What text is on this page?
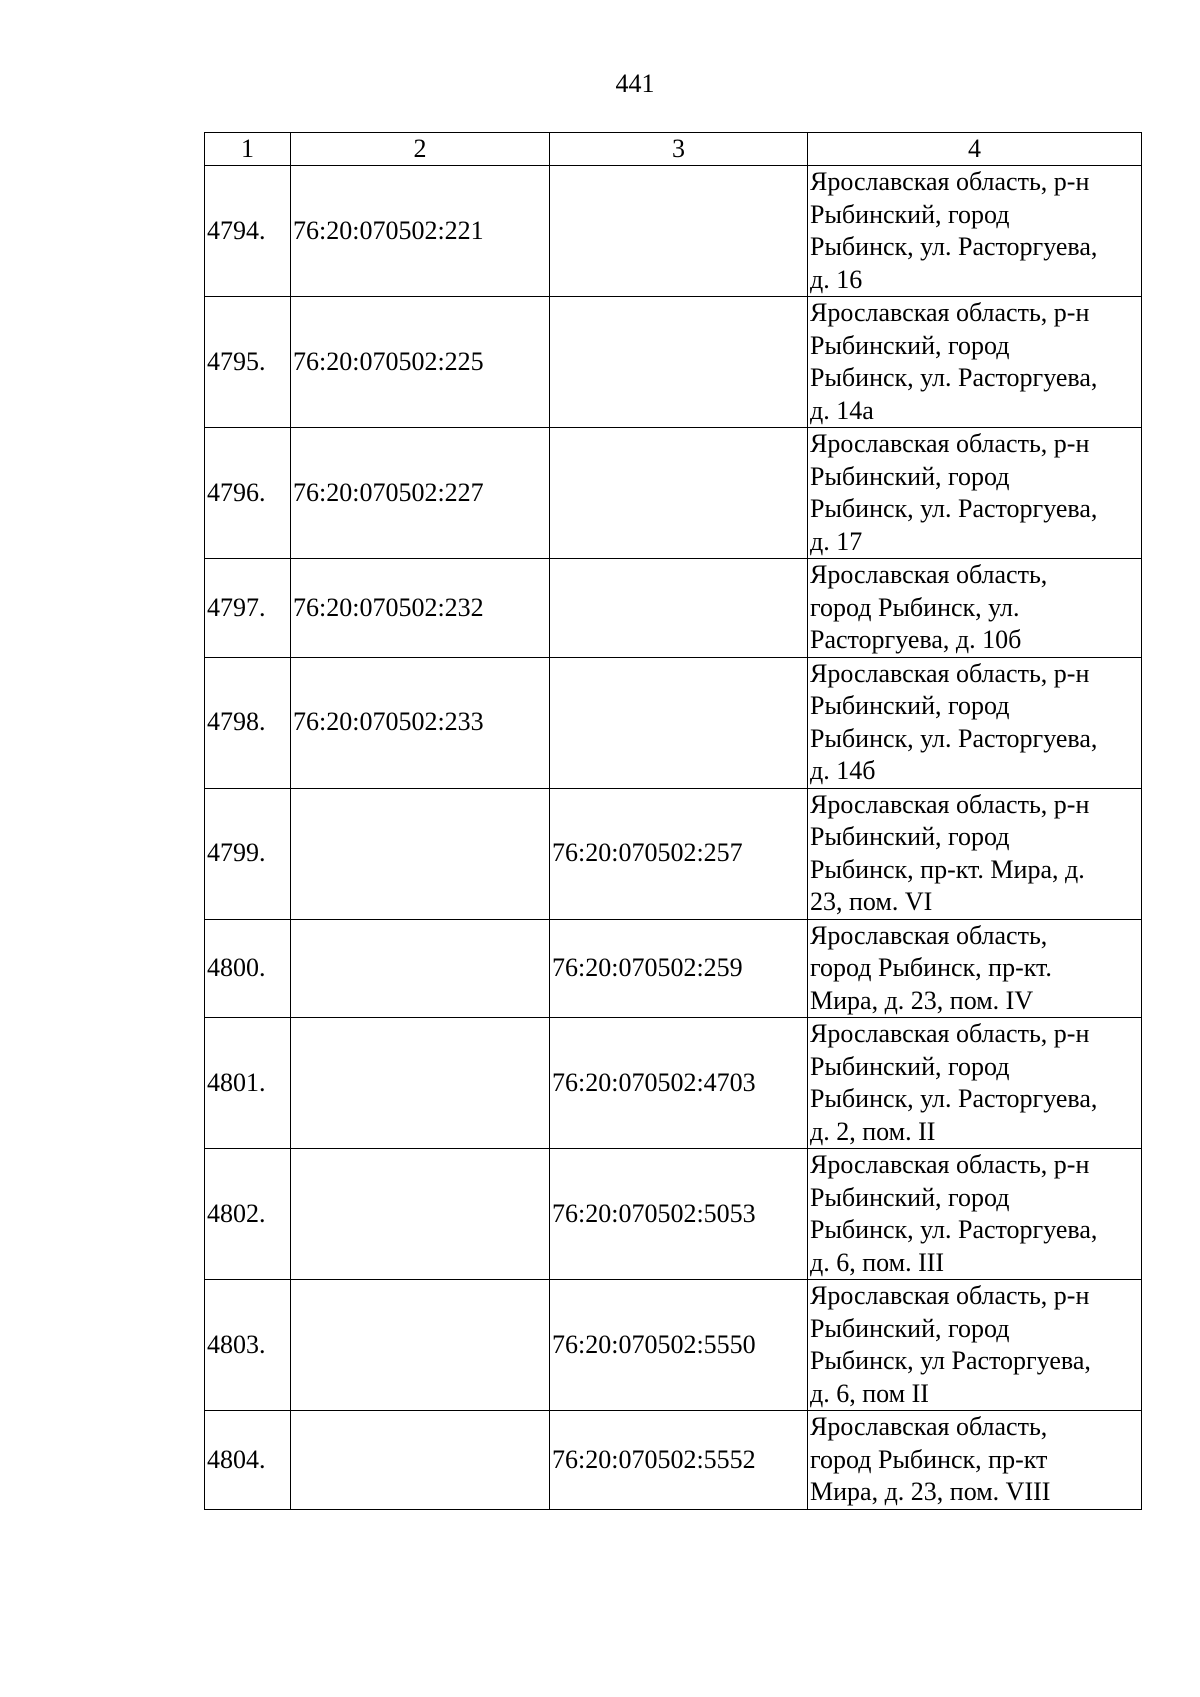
441
1	2	3	4
4794.	76:20:070502:221		Ярославская область, р-н
Рыбинский, город
Рыбинск, ул. Расторгуева,
д. 16

4795.	76:20:070502:225		Ярославская область, р-н
Рыбинский, город
Рыбинск, ул. Расторгуева,
д. 14а

4796.	76:20:070502:227		Ярославская область, р-н
Рыбинский, город
Рыбинск, ул. Расторгуева,
д. 17

4797.	76:20:070502:232		Ярославская область,
город Рыбинск, ул.
Расторгуева, д. 10б

4798.	76:20:070502:233		Ярославская область, р-н
Рыбинский, город
Рыбинск, ул. Расторгуева,
д. 14б

4799.		76:20:070502:257	Ярославская область, р-н
Рыбинский, город
Рыбинск, пр-кт. Мира, д.
23, пом. VI

4800.		76:20:070502:259	Ярославская область,
город Рыбинск, пр-кт.
Мира, д. 23, пом. IV

4801.		76:20:070502:4703	Ярославская область, р-н
Рыбинский, город
Рыбинск, ул. Расторгуева,
д. 2, пом. II

4802.		76:20:070502:5053	Ярославская область, р-н
Рыбинский, город
Рыбинск, ул. Расторгуева,
д. 6, пом. III

4803.		76:20:070502:5550	Ярославская область, р-н
Рыбинский, город
Рыбинск, ул Расторгуева,
д. 6, пом II

4804.		76:20:070502:5552	Ярославская область,
город Рыбинск, пр-кт
Мира, д. 23, пом. VIII
